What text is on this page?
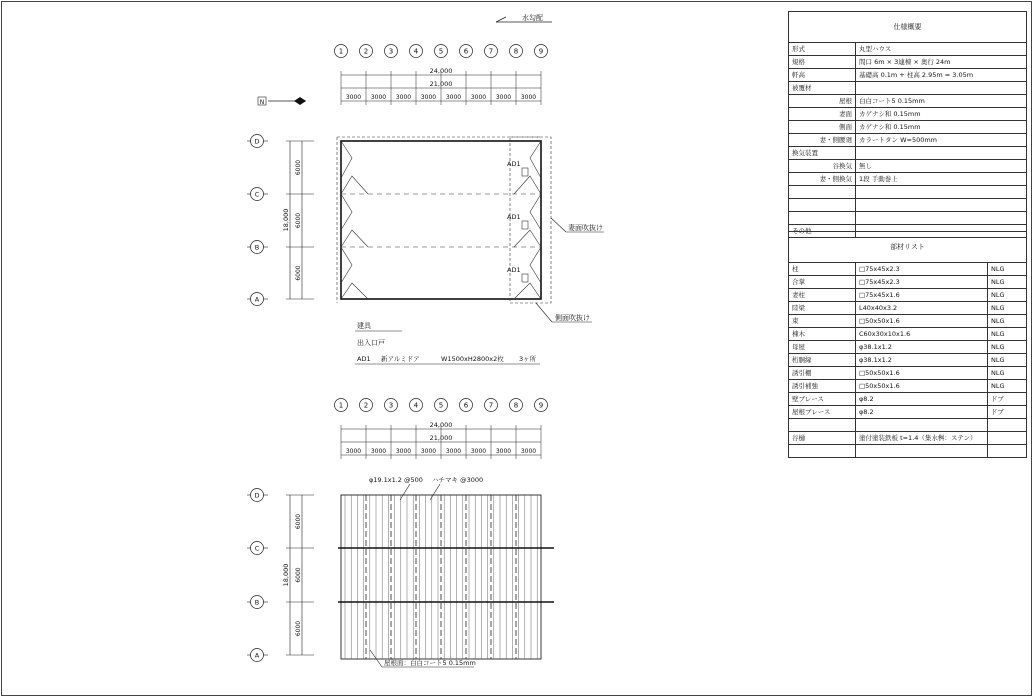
水勾配
N
AD1
AD1
AD1
妻面吹抜け
側面吹抜け
建具
出入口戸
AD1 新アルミドア	W1500xH2800x2枚 3ヶ所
φ19.1x1.2 @500 ハチマキ @3000
屋根面：白白コート5 0.15mm
1	2	3	4	5	6	7	8	9
D
C
B
A
24,000
21,000
3000 3000 3000 3000 3000 3000 3000 3000
18,000
6000
6000
6000
1	2	3	4	5	6	7	8	9
D
C
B
A
24,000
21,000
3000 3000 3000 3000 3000 3000 3000 3000
18,000
6000
6000
6000
仕様概要	
形式	丸型ハウス
規格	間口 6m × 3連棟 × 奥行 24m
軒高	基礎高 0.1m + 柱高 2.95m = 3.05m
被覆材	
屋根	白白コート5 0.15mm
妻面	カゲナシ和 0.15mm
側面	カゲナシ和 0.15mm
妻・側腰廻	カラートタン W=500mm
換気装置	
谷換気	無し
妻・側換気	1段 手動巻上

その他	
部材リスト		
柱	□75x45x2.3	NLG
合掌	□75x45x2.3	NLG
妻柱	□75x45x1.6	NLG
陸梁	L40x40x3.2	NLG
束	□50x50x1.6	NLG
棟木	C60x30x10x1.6	NLG
母屋	φ38.1x1.2	NLG
桁胴縁	φ38.1x1.2	NLG
誘引棚	□50x50x1.6	NLG
誘引補強	□50x50x1.6	NLG
壁ブレース	φ8.2	ドブ
屋根ブレース	φ8.2	ドブ

谷樋	塗付塗装鉄板 t=1.4（集水桝：ステン）	
